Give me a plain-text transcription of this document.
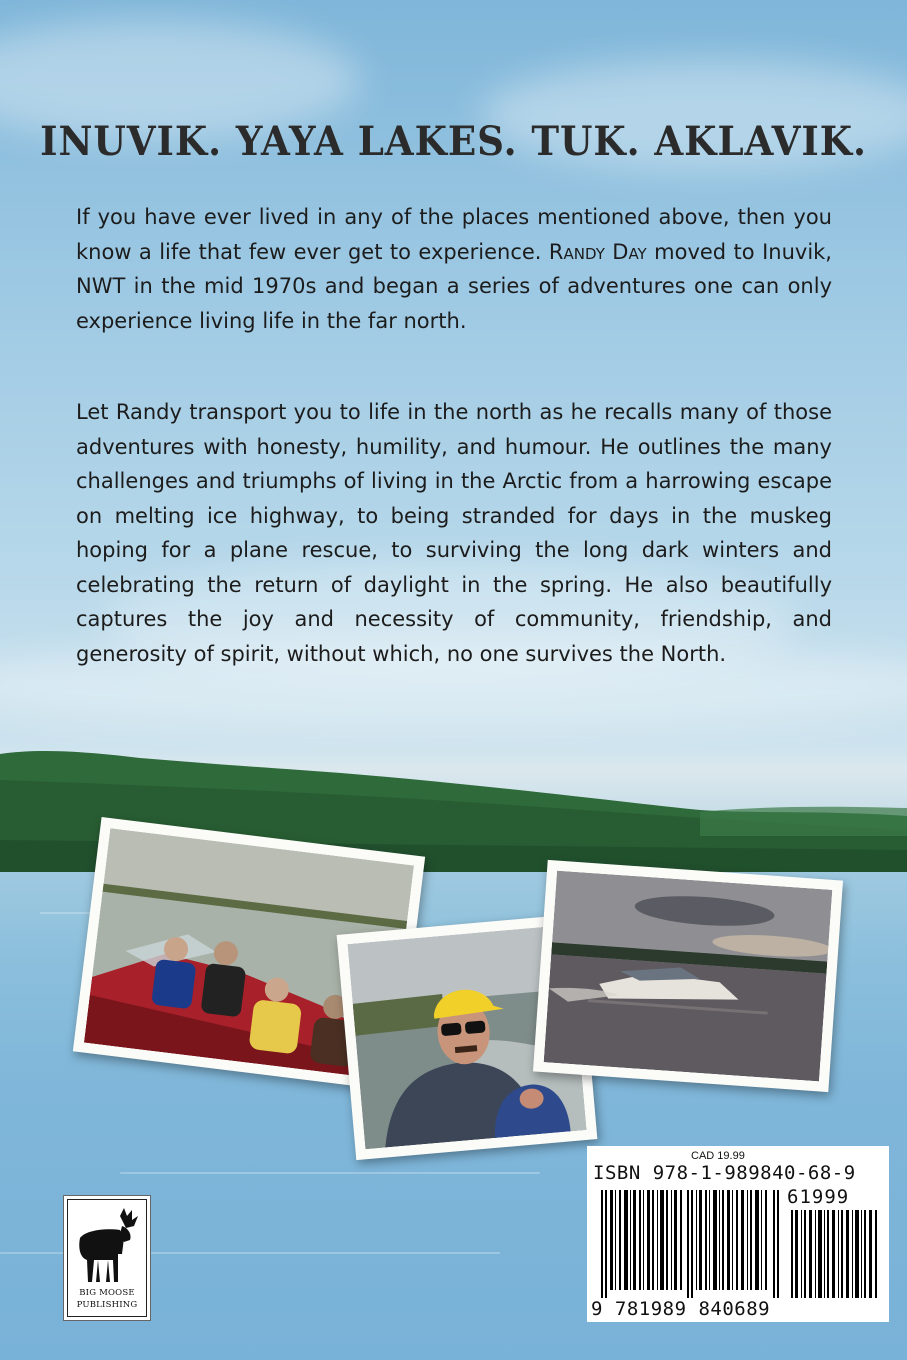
INUVIK. YAYA LAKES. TUK. AKLAVIK.

If you have ever lived in any of the places mentioned above, then you know a life that few ever get to experience. Randy Day moved to Inuvik, NWT in the mid 1970s and began a series of adventures one can only experience living life in the far north.

Let Randy transport you to life in the north as he recalls many of those adventures with honesty, humility, and humour. He outlines the many challenges and triumphs of living in the Arctic from a harrowing escape on melting ice highway, to being stranded for days in the muskeg hoping for a plane rescue, to surviving the long dark winters and celebrating the return of daylight in the spring. He also beautifully captures the joy and necessity of community, friendship, and generosity of spirit, without which, no one survives the North.

CAD 19.99
ISBN 978-1-989840-68-9
61999
9 781989 840689
BIG MOOSE
PUBLISHING
